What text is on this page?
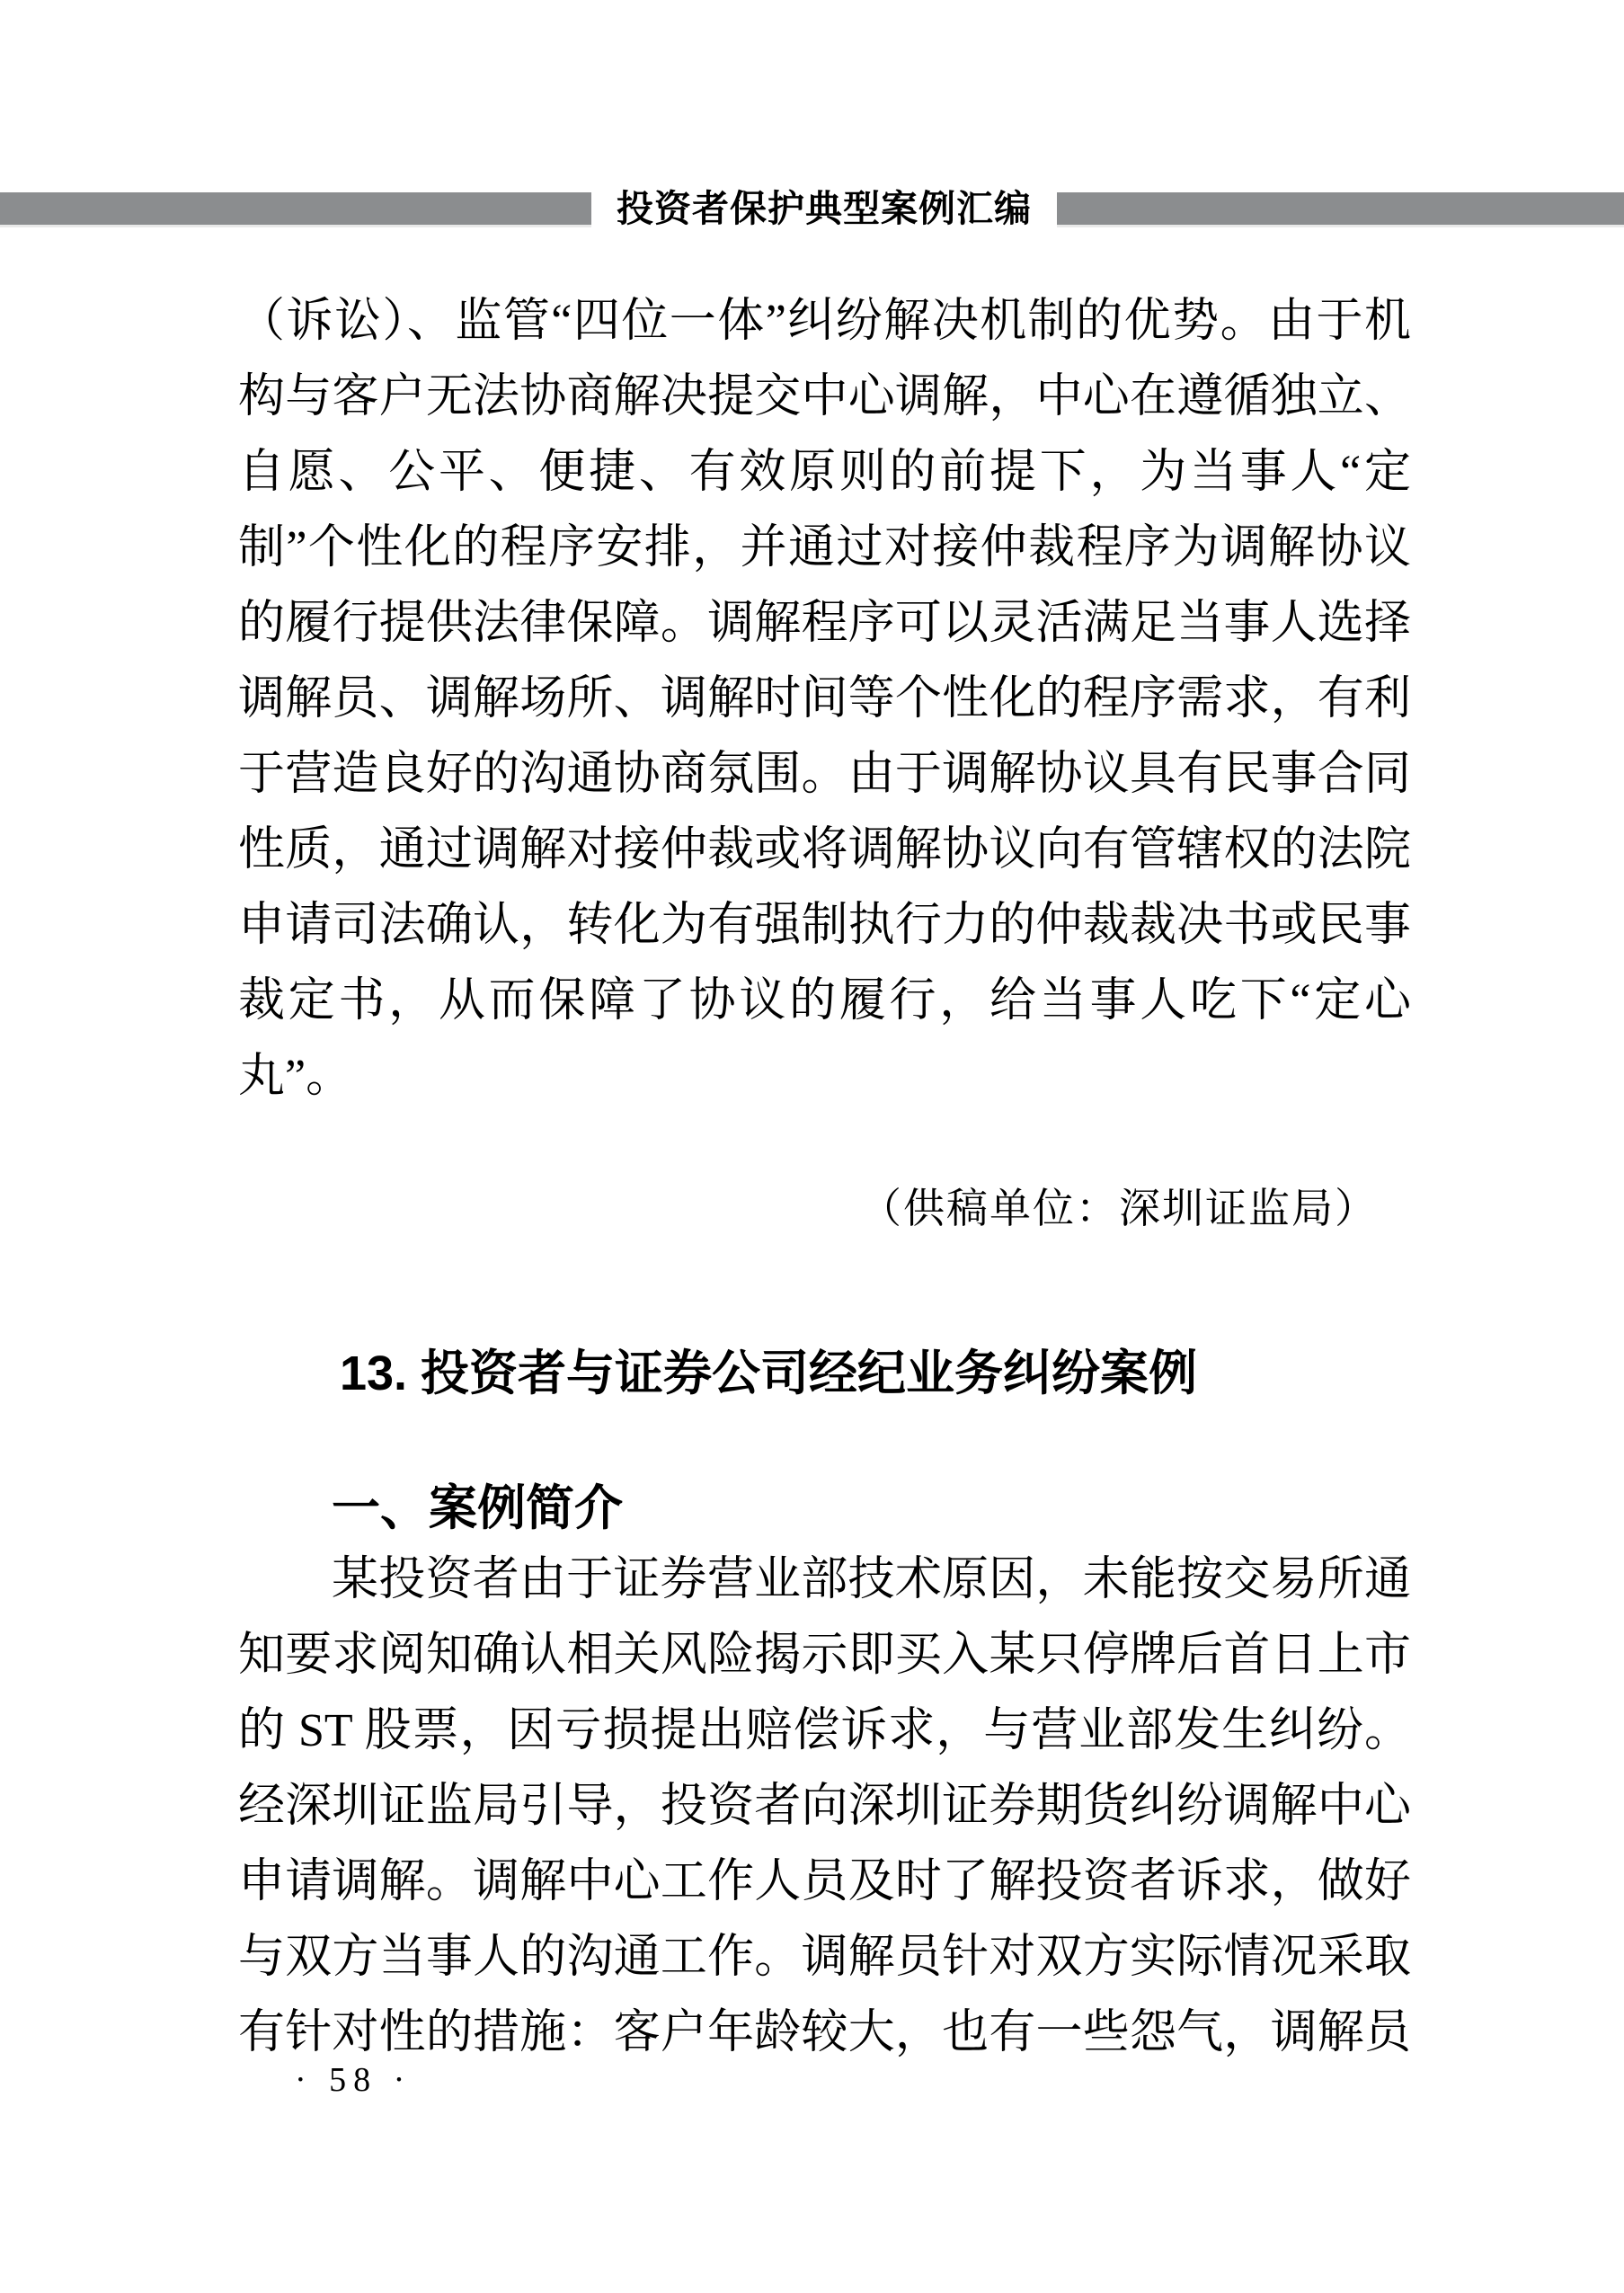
投资者保护典型案例汇编
（诉讼）、监管“四位一体”纠纷解决机制的优势。由于机
构与客户无法协商解决提交中心调解，中心在遵循独立、
自愿、公平、便捷、有效原则的前提下，为当事人“定
制”个性化的程序安排，并通过对接仲裁程序为调解协议
的履行提供法律保障。调解程序可以灵活满足当事人选择
调解员、调解场所、调解时间等个性化的程序需求，有利
于营造良好的沟通协商氛围。由于调解协议具有民事合同
性质，通过调解对接仲裁或将调解协议向有管辖权的法院
申请司法确认，转化为有强制执行力的仲裁裁决书或民事
裁定书，从而保障了协议的履行，给当事人吃下“定心
丸”。
（供稿单位：深圳证监局）
13. 投资者与证券公司经纪业务纠纷案例
一、案例简介
某投资者由于证券营业部技术原因，未能按交易所通
知要求阅知确认相关风险揭示即买入某只停牌后首日上市
的 ST 股票，因亏损提出赔偿诉求，与营业部发生纠纷。
经深圳证监局引导，投资者向深圳证券期货纠纷调解中心
申请调解。调解中心工作人员及时了解投资者诉求，做好
与双方当事人的沟通工作。调解员针对双方实际情况采取
有针对性的措施：客户年龄较大，也有一些怨气，调解员
· 58 ·
